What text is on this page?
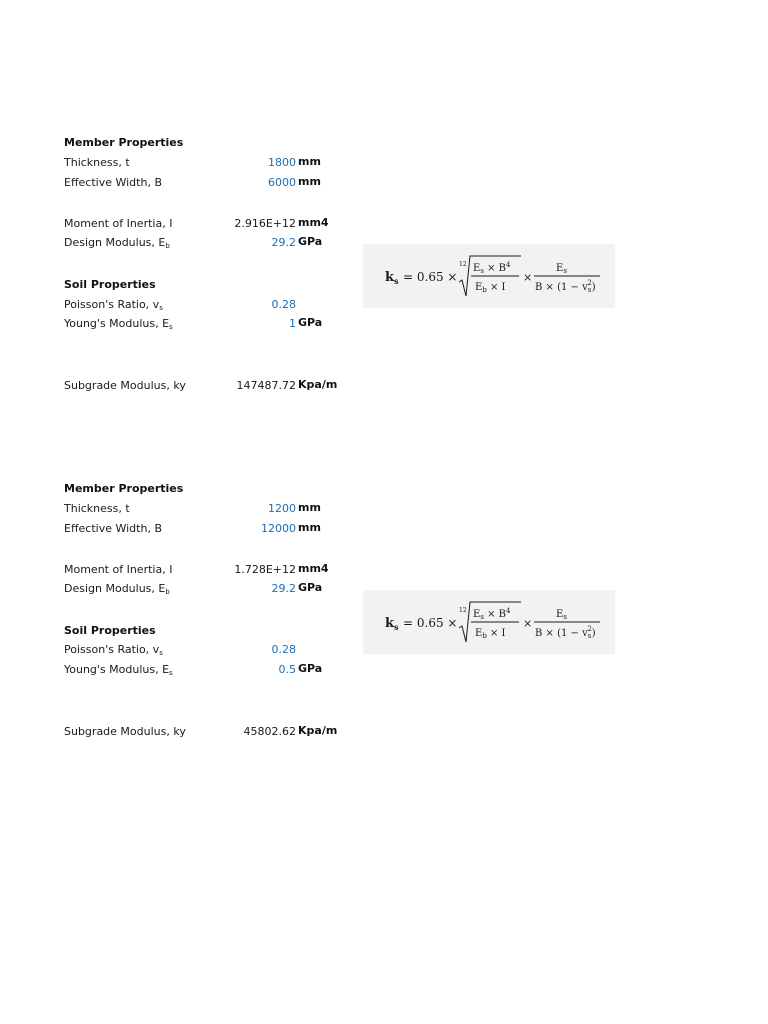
Member Properties
Thickness, t	1800 mm
Effective Width, B	6000 mm
Moment of Inertia, I	2.916E+12 mm4
Design Modulus, $E_b$	29.2 GPa
Soil Properties
Poisson's Ratio, $v_s$	0.28
Young's Modulus, $E_s$	1 GPa
Subgrade Modulus, ky	147487.72 Kpa/m
$k_s = 0.65$ ×
12 $E_s \times B^4$
$E_b \times I$
×
$E_s$
$B \times (1 - v_s2)$
Member Properties
Thickness, t	1200 mm
Effective Width, B	12000 mm
Moment of Inertia, I	1.728E+12 mm4
Design Modulus, $E_b$	29.2 GPa
Soil Properties
Poisson's Ratio, $v_s$	0.28
Young's Modulus, $E_s$	0.5 GPa
Subgrade Modulus, ky	45802.62 Kpa/m
$k_s = 0.65$ ×
12 $E_s \times B^4$
$E_b \times I$
×
$E_s$
$B \times (1 - v_s2)$
